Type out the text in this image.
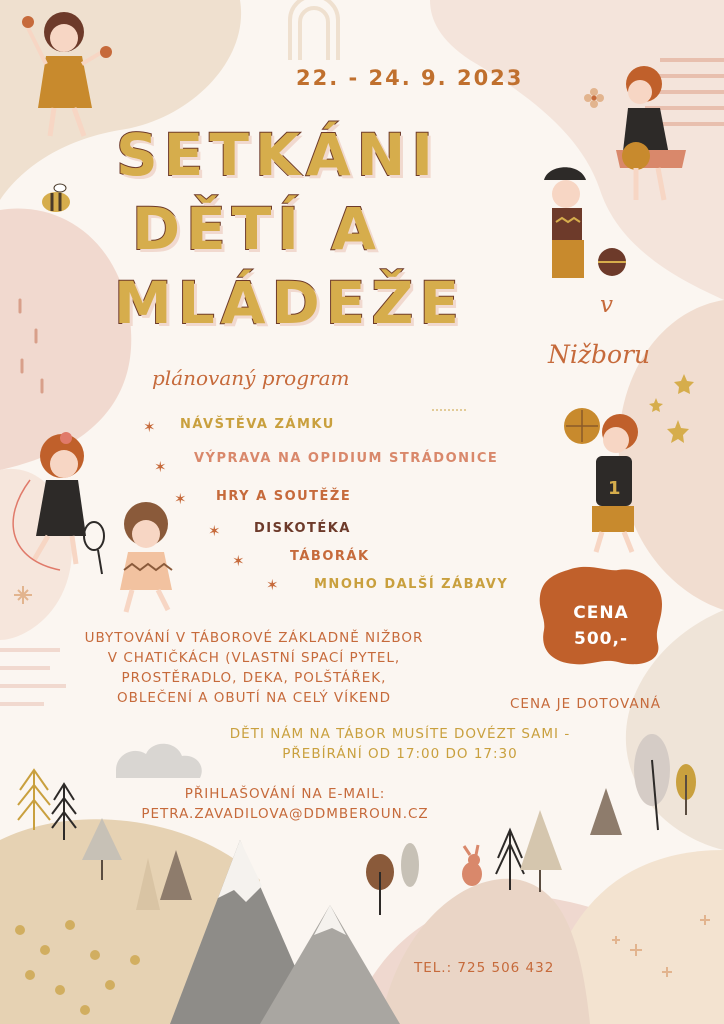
1
22. - 24. 9. 2023
SETKÁNI
DĚTÍ A
MLÁDEŽE	v
Nižboru
plánovaný program
✶ NÁVŠTĚVA ZÁMKU
✶ VÝPRAVA NA OPIDIUM STRÁDONICE
✶ HRY A SOUTĚŽE
✶	DISKOTÉKA
✶	TÁBORÁK
✶	MNOHO DALŠÍ ZÁBAVY
UBYTOVÁNÍ V TÁBOROVÉ ZÁKLADNĚ NIŽBOR
V CHATIČKÁCH (VLASTNÍ SPACÍ PYTEL,
PROSTĚRADLO, DEKA, POLŠTÁŘEK,
OBLEČENÍ A OBUTÍ NA CELÝ VÍKEND
CENA
500,-
CENA JE DOTOVANÁ
DĚTI NÁM NA TÁBOR MUSÍTE DOVÉZT SAMI -
PŘEBÍRÁNÍ OD 17:00 DO 17:30
PŘIHLAŠOVÁNÍ NA E-MAIL:
PETRA.ZAVADILOVA@DDMBEROUN.CZ
TEL.: 725 506 432
